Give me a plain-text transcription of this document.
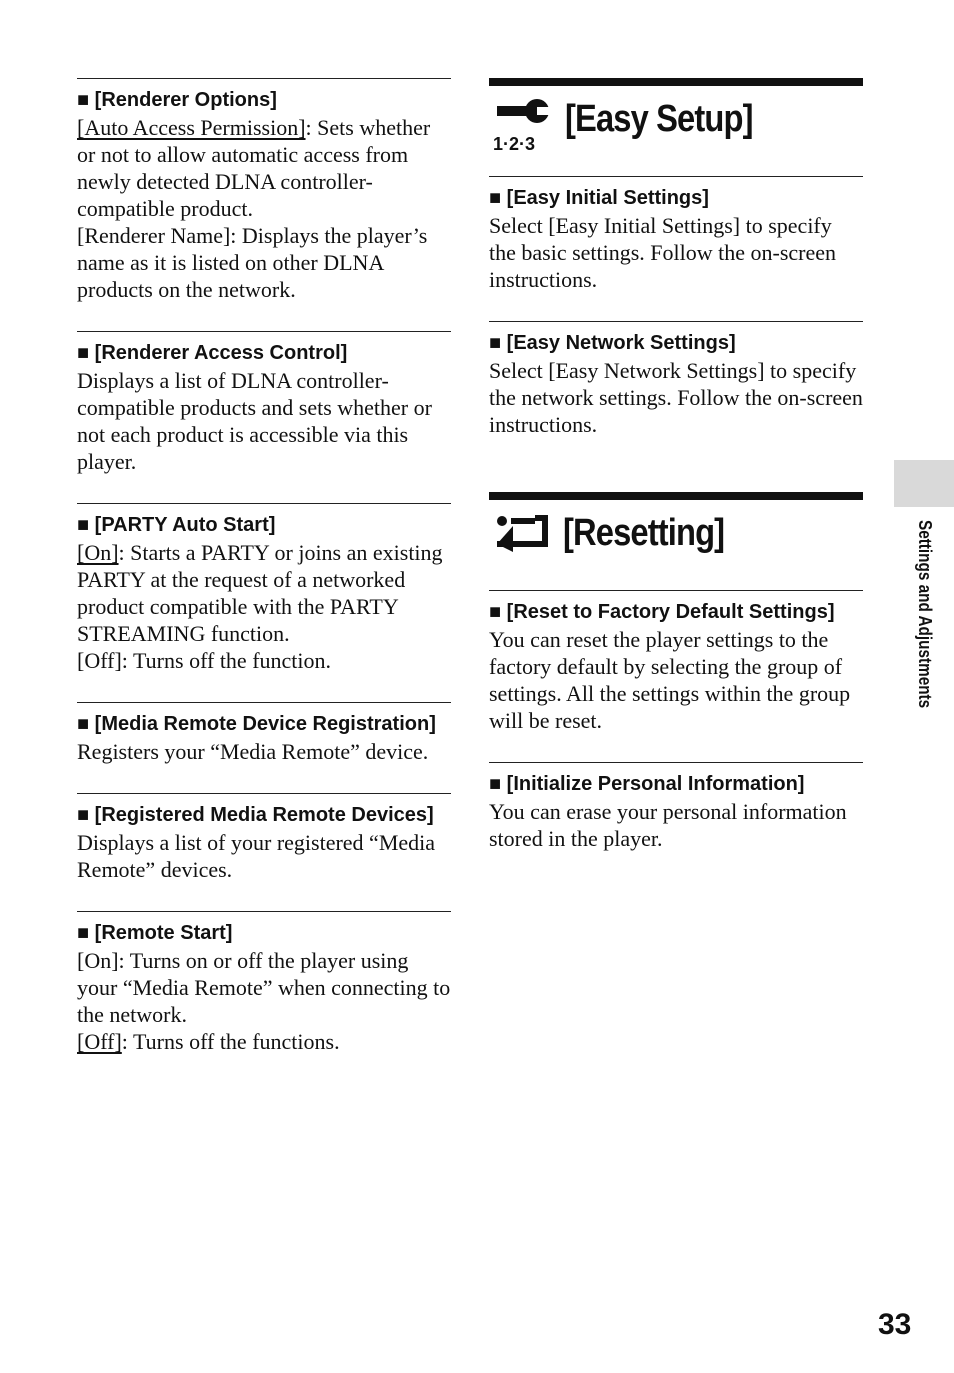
■ [Renderer Options]

[Auto Access Permission]: Sets whether or not to allow automatic access from newly detected DLNA controller-compatible product.

[Renderer Name]: Displays the player’s name as it is listed on other DLNA products on the network.

■ [Renderer Access Control]

Displays a list of DLNA controller-compatible products and sets whether or not each product is accessible via this player.

■ [PARTY Auto Start]

[On]: Starts a PARTY or joins an existing PARTY at the request of a networked product compatible with the PARTY STREAMING function.

[Off]: Turns off the function.

■ [Media Remote Device Registration]

Registers your “Media Remote” device.

■ [Registered Media Remote Devices]

Displays a list of your registered “Media Remote” devices.

■ [Remote Start]

[On]: Turns on or off the player using your “Media Remote” when connecting to the network.

[Off]: Turns off the functions.

1·2·3
[Easy Setup]

■ [Easy Initial Settings]

Select [Easy Initial Settings] to specify the basic settings. Follow the on-screen instructions.

■ [Easy Network Settings]

Select [Easy Network Settings] to specify the network settings. Follow the on-screen instructions.

[Resetting]

■ [Reset to Factory Default Settings]

You can reset the player settings to the factory default by selecting the group of settings. All the settings within the group will be reset.

■ [Initialize Personal Information]

You can erase your personal information stored in the player.

Settings and Adjustments
33
